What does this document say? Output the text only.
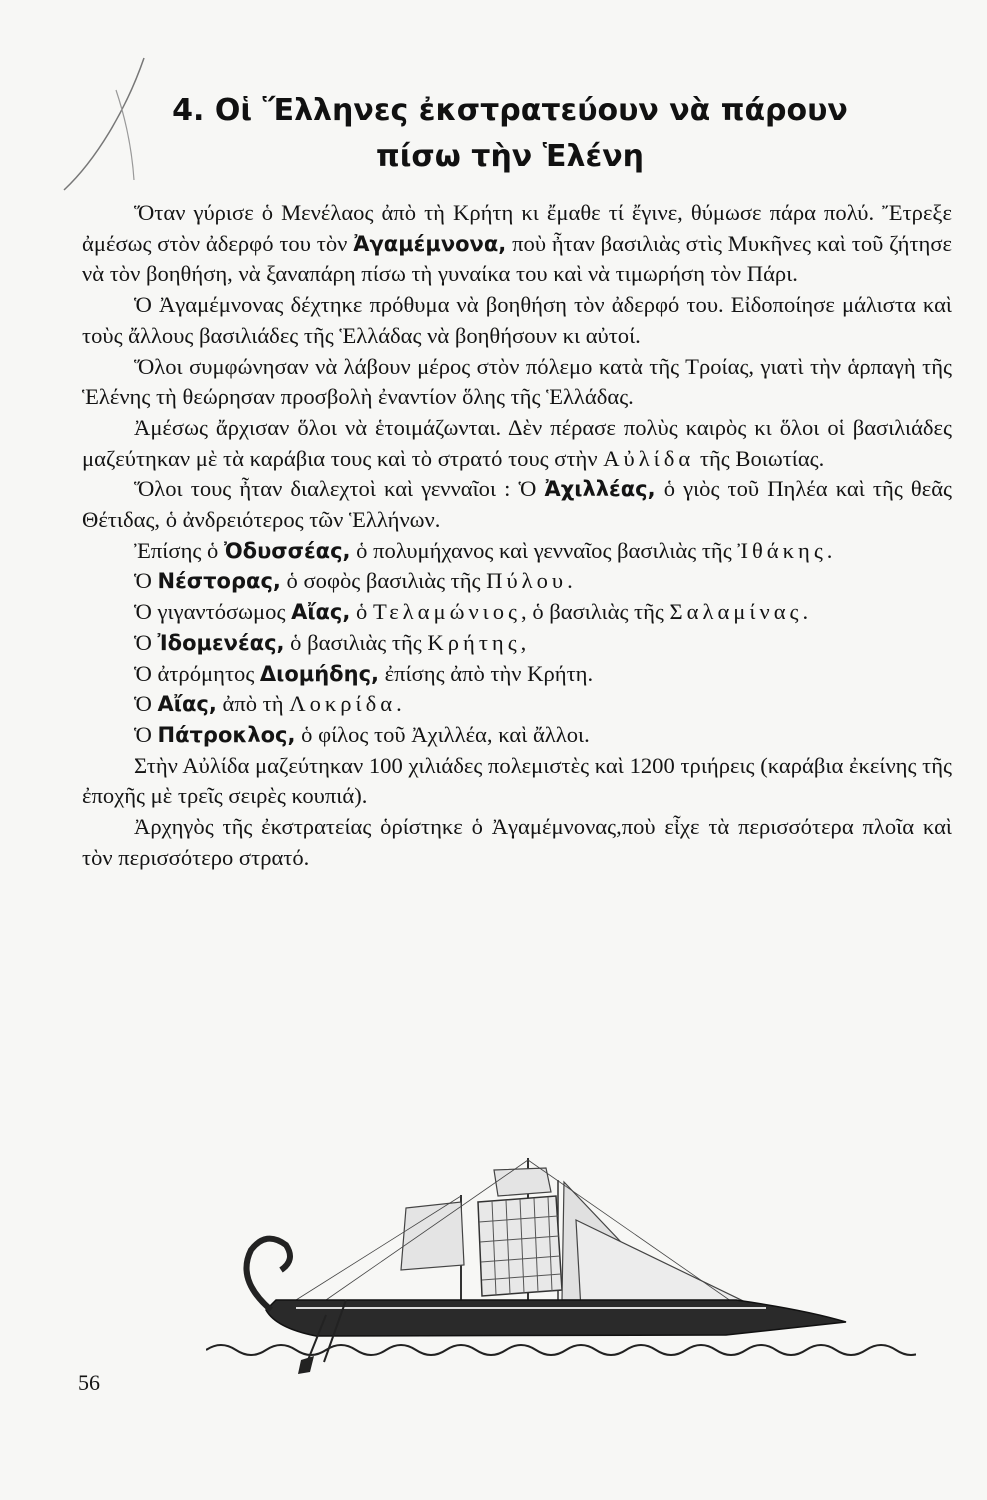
4. Οἱ Ἕλληνες ἐκστρατεύουν νὰ πάρουν
πίσω τὴν Ἑλένη

Ὅταν γύρισε ὁ Μενέλαος ἀπὸ τὴ Κρήτη κι ἔμαθε τί ἔγινε, θύμωσε πάρα πολύ. Ἔτρεξε ἀμέσως στὸν ἀδερφό του τὸν Ἀγαμέμνονα, ποὺ ἦταν βασιλιὰς στὶς Μυκῆνες καὶ τοῦ ζήτησε νὰ τὸν βοηθήση, νὰ ξαναπάρη πίσω τὴ γυναίκα του καὶ νὰ τιμωρήση τὸν Πάρι.

Ὁ Ἀγαμέμνονας δέχτηκε πρόθυμα νὰ βοηθήση τὸν ἀδερφό του. Εἰδοποίησε μάλιστα καὶ τοὺς ἄλλους βασιλιάδες τῆς Ἑλλάδας νὰ βοηθήσουν κι αὐτοί.

Ὅλοι συμφώνησαν νὰ λάβουν μέρος στὸν πόλεμο κατὰ τῆς Τροίας, γιατὶ τὴν ἁρπαγὴ τῆς Ἑλένης τὴ θεώρησαν προσβολὴ ἐναντίον ὅλης τῆς Ἑλλάδας.

Ἀμέσως ἄρχισαν ὅλοι νὰ ἑτοιμάζωνται. Δὲν πέρασε πολὺς καιρὸς κι ὅλοι οἱ βασιλιάδες μαζεύτηκαν μὲ τὰ καράβια τους καὶ τὸ στρατό τους στὴν Αὐλίδα τῆς Βοιωτίας.

Ὅλοι τους ἦταν διαλεχτοὶ καὶ γενναῖοι : Ὁ Ἀχιλλέας, ὁ γιὸς τοῦ Πηλέα καὶ τῆς θεᾶς Θέτιδας, ὁ ἀνδρειότερος τῶν Ἑλλήνων.

Ἐπίσης ὁ Ὀδυσσέας, ὁ πολυμήχανος καὶ γενναῖος βασιλιὰς τῆς Ἰθάκης.

Ὁ Νέστορας, ὁ σοφὸς βασιλιὰς τῆς Πύλου.

Ὁ γιγαντόσωμος Αἴας, ὁ Τελαμώνιος, ὁ βασιλιὰς τῆς Σαλαμίνας.

Ὁ Ἰδομενέας, ὁ βασιλιὰς τῆς Κρήτης,

Ὁ ἀτρόμητος Διομήδης, ἐπίσης ἀπὸ τὴν Κρήτη.

Ὁ Αἴας, ἀπὸ τὴ Λοκρίδα.

Ὁ Πάτροκλος, ὁ φίλος τοῦ Ἀχιλλέα, καὶ ἄλλοι.

Στὴν Αὐλίδα μαζεύτηκαν 100 χιλιάδες πολεμιστὲς καὶ 1200 τριήρεις (καράβια ἐκείνης τῆς ἐποχῆς μὲ τρεῖς σειρὲς κουπιά).

Ἀρχηγὸς τῆς ἐκστρατείας ὁρίστηκε ὁ Ἀγαμέμνονας,ποὺ εἶχε τὰ περισσότερα πλοῖα καὶ τὸν περισσότερο στρατό.

56
